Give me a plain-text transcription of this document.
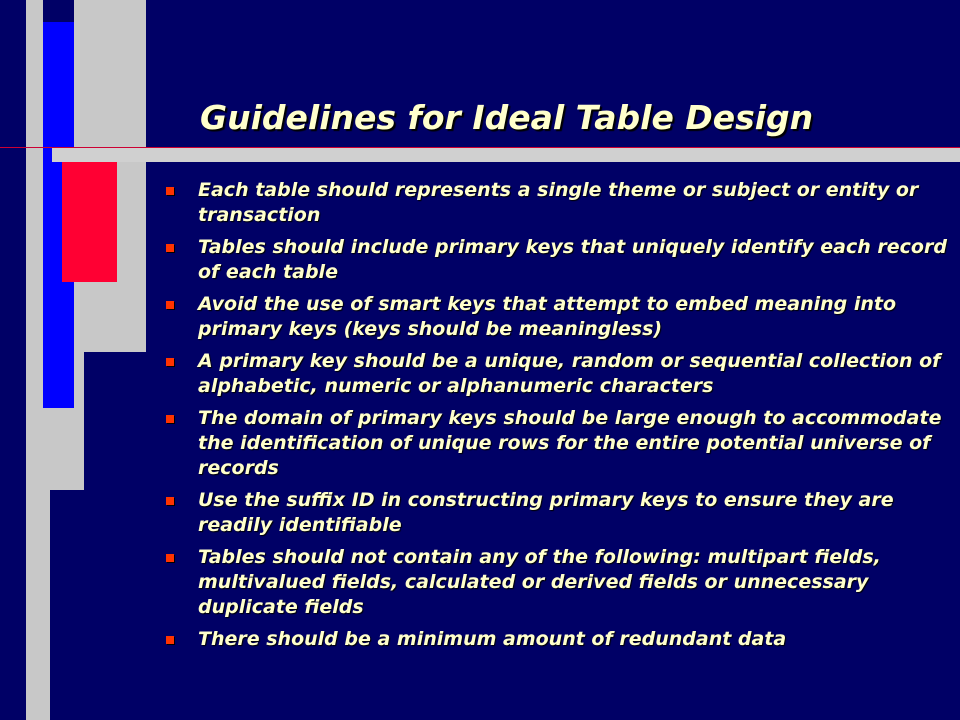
Guidelines for Ideal Table Design
Each table should represents a single theme or subject or entity or transaction
Tables should include primary keys that uniquely identify each record of each table
Avoid the use of smart keys that attempt to embed meaning into primary keys (keys should be meaningless)
A primary key should be a unique, random or sequential collection of alphabetic, numeric or alphanumeric characters
The domain of primary keys should be large enough to accommodate the identification of unique rows for the entire potential universe of records
Use the suffix ID in constructing primary keys to ensure they are readily identifiable
Tables should not contain any of the following: multipart fields, multivalued fields, calculated or derived fields or unnecessary duplicate fields
There should be a minimum amount of redundant data
